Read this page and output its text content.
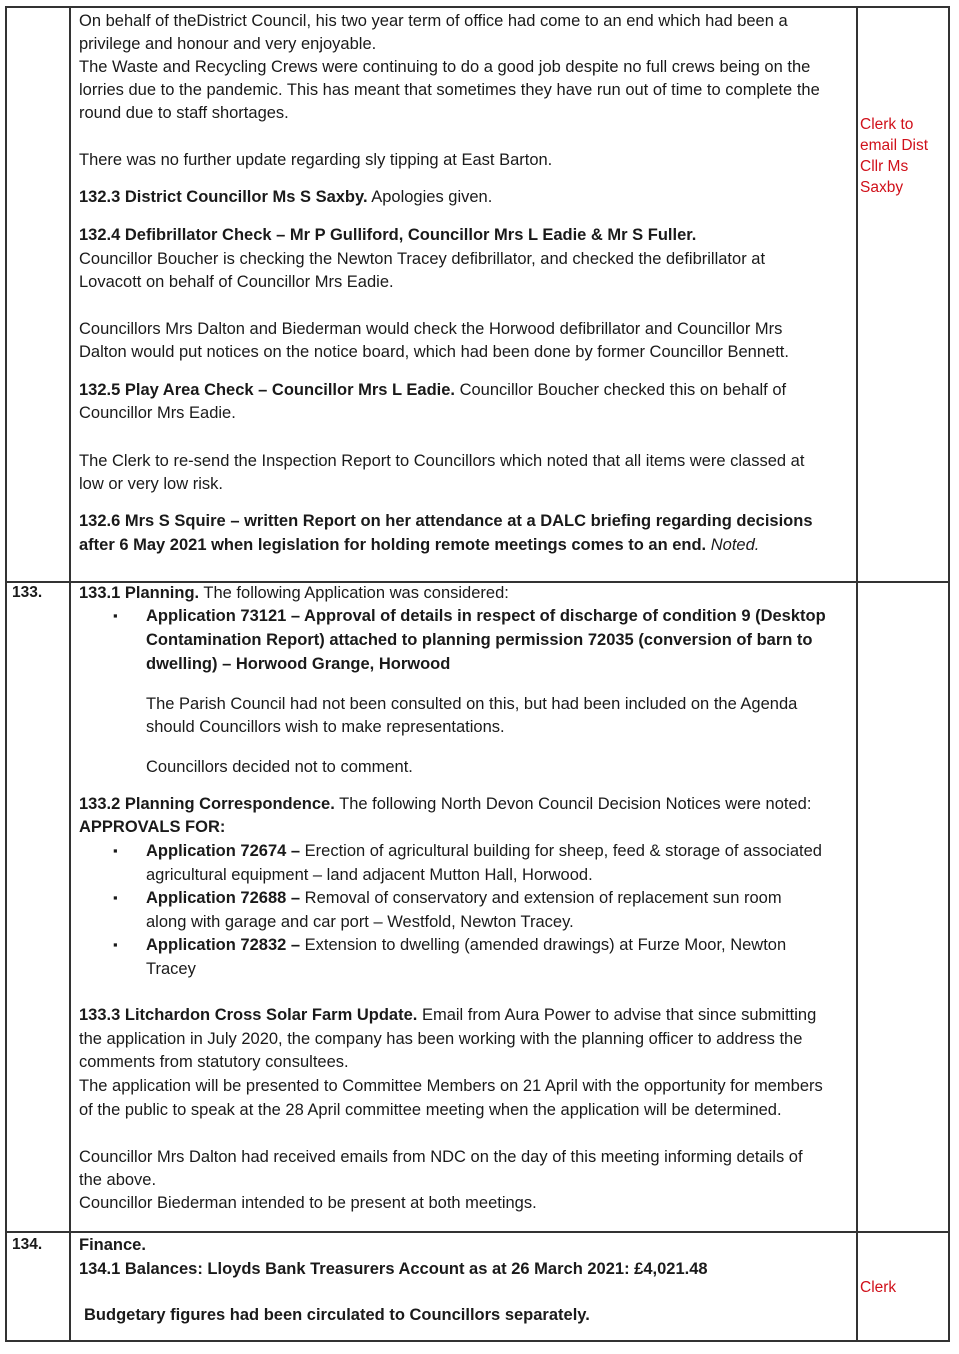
133.
134.
Clerk to email Dist Cllr Ms Saxby
Clerk
On behalf of theDistrict Council, his two year term of office had come to an end which had been a
privilege and honour and very enjoyable.
The Waste and Recycling Crews were continuing to do a good job despite no full crews being on the
lorries due to the pandemic. This has meant that sometimes they have run out of time to complete the
round due to staff shortages.
There was no further update regarding sly tipping at East Barton.
132.3 District Councillor Ms S Saxby. Apologies given.
132.4 Defibrillator Check – Mr P Gulliford, Councillor Mrs L Eadie & Mr S Fuller.
Councillor Boucher is checking the Newton Tracey defibrillator, and checked the defibrillator at
Lovacott on behalf of Councillor Mrs Eadie.
Councillors Mrs Dalton and Biederman would check the Horwood defibrillator and Councillor Mrs
Dalton would put notices on the notice board, which had been done by former Councillor Bennett.
132.5 Play Area Check – Councillor Mrs L Eadie. Councillor Boucher checked this on behalf of
Councillor Mrs Eadie.
The Clerk to re-send the Inspection Report to Councillors which noted that all items were classed at
low or very low risk.
132.6 Mrs S Squire – written Report on her attendance at a DALC briefing regarding decisions
after 6 May 2021 when legislation for holding remote meetings comes to an end. Noted.
133.1 Planning. The following Application was considered:
▪ Application 73121 – Approval of details in respect of discharge of condition 9 (Desktop
Contamination Report) attached to planning permission 72035 (conversion of barn to
dwelling) – Horwood Grange, Horwood
The Parish Council had not been consulted on this, but had been included on the Agenda
should Councillors wish to make representations.
Councillors decided not to comment.
133.2 Planning Correspondence. The following North Devon Council Decision Notices were noted:
APPROVALS FOR:
▪ Application 72674 – Erection of agricultural building for sheep, feed & storage of associated
agricultural equipment – land adjacent Mutton Hall, Horwood.
▪ Application 72688 – Removal of conservatory and extension of replacement sun room
along with garage and car port – Westfold, Newton Tracey.
▪ Application 72832 – Extension to dwelling (amended drawings) at Furze Moor, Newton
Tracey
133.3 Litchardon Cross Solar Farm Update. Email from Aura Power to advise that since submitting
the application in July 2020, the company has been working with the planning officer to address the
comments from statutory consultees.
The application will be presented to Committee Members on 21 April with the opportunity for members
of the public to speak at the 28 April committee meeting when the application will be determined.
Councillor Mrs Dalton had received emails from NDC on the day of this meeting informing details of
the above.
Councillor Biederman intended to be present at both meetings.
Finance.
134.1 Balances: Lloyds Bank Treasurers Account as at 26 March 2021: £4,021.48
Budgetary figures had been circulated to Councillors separately.
